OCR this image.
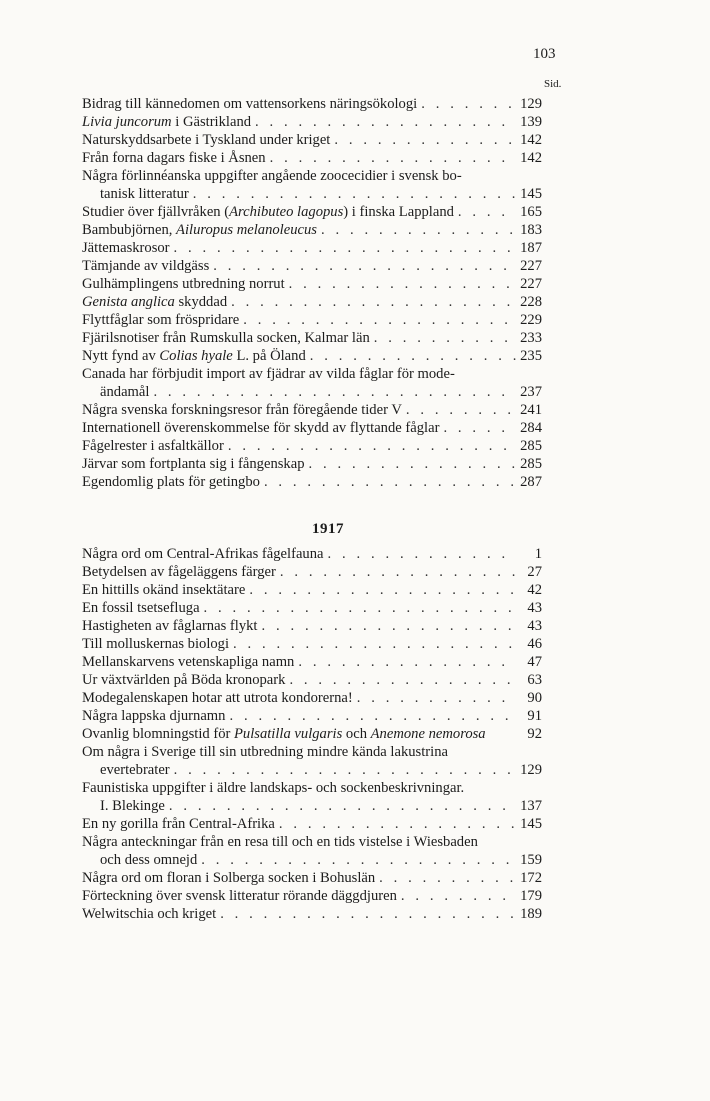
103
Sid.
Bidrag till kännedomen om vattensorkens näringsökologi . . .	129
Livia juncorum i Gästrikland . . .	139
Naturskyddsarbete i Tyskland under kriget . . .	142
Från forna dagars fiske i Åsnen . . .	142
Några förlinnéanska uppgifter angående zoocecidier i svensk bo-
tanisk litteratur . . .	145
Studier över fjällvråken (Archibuteo lagopus) i finska Lappland . . .	165
Bambubjörnen, Ailuropus melanoleucus . . .	183
Jättemaskrosor . . .	187
Tämjande av vildgäss . . .	227
Gulhämplingens utbredning norrut . . .	227
Genista anglica skyddad . . .	228
Flyttfåglar som fröspridare . . .	229
Fjärilsnotiser från Rumskulla socken, Kalmar län . . .	233
Nytt fynd av Colias hyale L. på Öland . . .	235
Canada har förbjudit import av fjädrar av vilda fåglar för mode-
ändamål . . .	237
Några svenska forskningsresor från föregående tider V . . .	241
Internationell överenskommelse för skydd av flyttande fåglar . . .	284
Fågelrester i asfaltkällor . . .	285
Järvar som fortplanta sig i fångenskap . . .	285
Egendomlig plats för getingbo . . .	287
1917
Några ord om Central-Afrikas fågelfauna . . .	1
Betydelsen av fågeläggens färger . . .	27
En hittills okänd insektätare . . .	42
En fossil tsetsefluga . . .	43
Hastigheten av fåglarnas flykt . . .	43
Till molluskernas biologi . . .	46
Mellanskarvens vetenskapliga namn . . .	47
Ur växtvärlden på Böda kronopark . . .	63
Modegalenskapen hotar att utrota kondorerna! . . .	90
Några lappska djurnamn . . .	91
Ovanlig blomningstid för Pulsatilla vulgaris och Anemone nemorosa	92
Om några i Sverige till sin utbredning mindre kända lakustrina
evertebrater . . .	129
Faunistiska uppgifter i äldre landskaps- och sockenbeskrivningar.
I. Blekinge . . .	137
En ny gorilla från Central-Afrika . . .	145
Några anteckningar från en resa till och en tids vistelse i Wiesbaden
och dess omnejd . . .	159
Några ord om floran i Solberga socken i Bohuslän . . .	172
Förteckning över svensk litteratur rörande däggdjuren . . .	179
Welwitschia och kriget . . .	189
